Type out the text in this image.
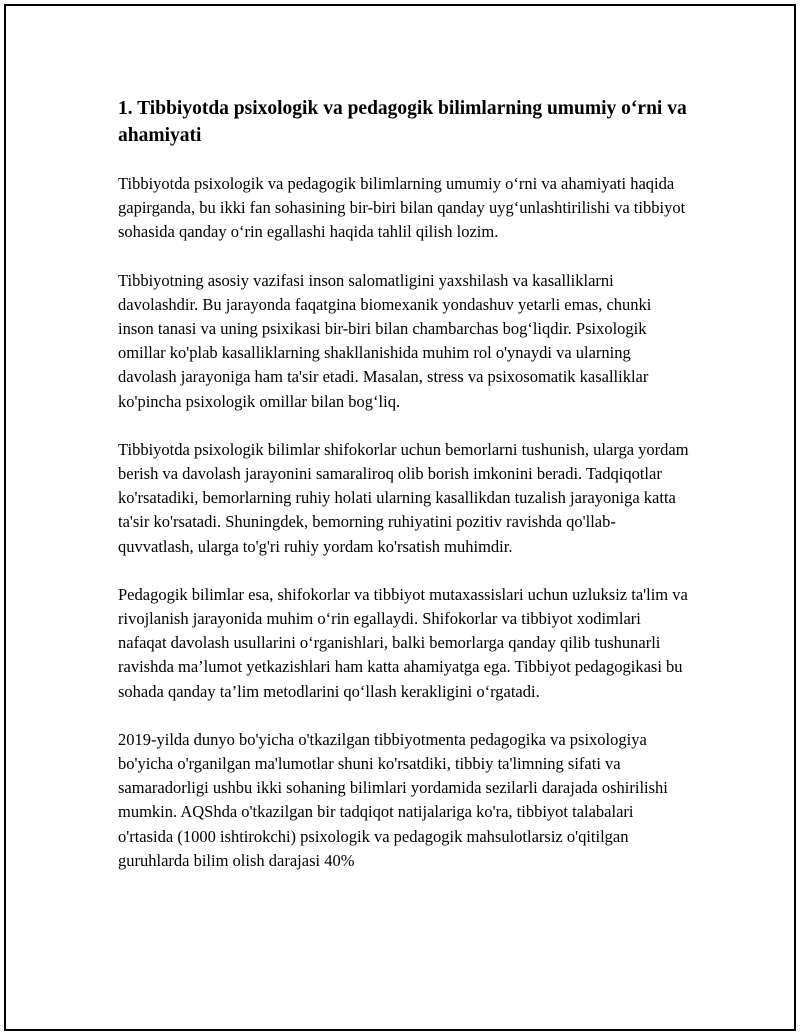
1. Tibbiyotda psixologik va pedagogik bilimlarning umumiy o‘rni va ahamiyati

Tibbiyotda psixologik va pedagogik bilimlarning umumiy o‘rni va ahamiyati haqida gapirganda, bu ikki fan sohasining bir-biri bilan qanday uyg‘unlashtirilishi va tibbiyot sohasida qanday o‘rin egallashi haqida tahlil qilish lozim.

Tibbiyotning asosiy vazifasi inson salomatligini yaxshilash va kasalliklarni davolashdir. Bu jarayonda faqatgina biomexanik yondashuv yetarli emas, chunki inson tanasi va uning psixikasi bir-biri bilan chambarchas bog‘liqdir. Psixologik omillar ko'plab kasalliklarning shakllanishida muhim rol o'ynaydi va ularning davolash jarayoniga ham ta'sir etadi. Masalan, stress va psixosomatik kasalliklar ko'pincha psixologik omillar bilan bog‘liq.

Tibbiyotda psixologik bilimlar shifokorlar uchun bemorlarni tushunish, ularga yordam berish va davolash jarayonini samaraliroq olib borish imkonini beradi. Tadqiqotlar ko'rsatadiki, bemorlarning ruhiy holati ularning kasallikdan tuzalish jarayoniga katta ta'sir ko'rsatadi. Shuningdek, bemorning ruhiyatini pozitiv ravishda qo'llab-quvvatlash, ularga to'g'ri ruhiy yordam ko'rsatish muhimdir.

Pedagogik bilimlar esa, shifokorlar va tibbiyot mutaxassislari uchun uzluksiz ta'lim va rivojlanish jarayonida muhim o‘rin egallaydi. Shifokorlar va tibbiyot xodimlari nafaqat davolash usullarini o‘rganishlari, balki bemorlarga qanday qilib tushunarli ravishda ma’lumot yetkazishlari ham katta ahamiyatga ega. Tibbiyot pedagogikasi bu sohada qanday ta’lim metodlarini qo‘llash kerakligini o‘rgatadi.

2019-yilda dunyo bo'yicha o'tkazilgan tibbiyotmenta pedagogika va psixologiya bo'yicha o'rganilgan ma'lumotlar shuni ko'rsatdiki, tibbiy ta'limning sifati va samaradorligi ushbu ikki sohaning bilimlari yordamida sezilarli darajada oshirilishi mumkin. AQShda o'tkazilgan bir tadqiqot natijalariga ko'ra, tibbiyot talabalari o'rtasida (1000 ishtirokchi) psixologik va pedagogik mahsulotlarsiz o'qitilgan guruhlarda bilim olish darajasi 40%
